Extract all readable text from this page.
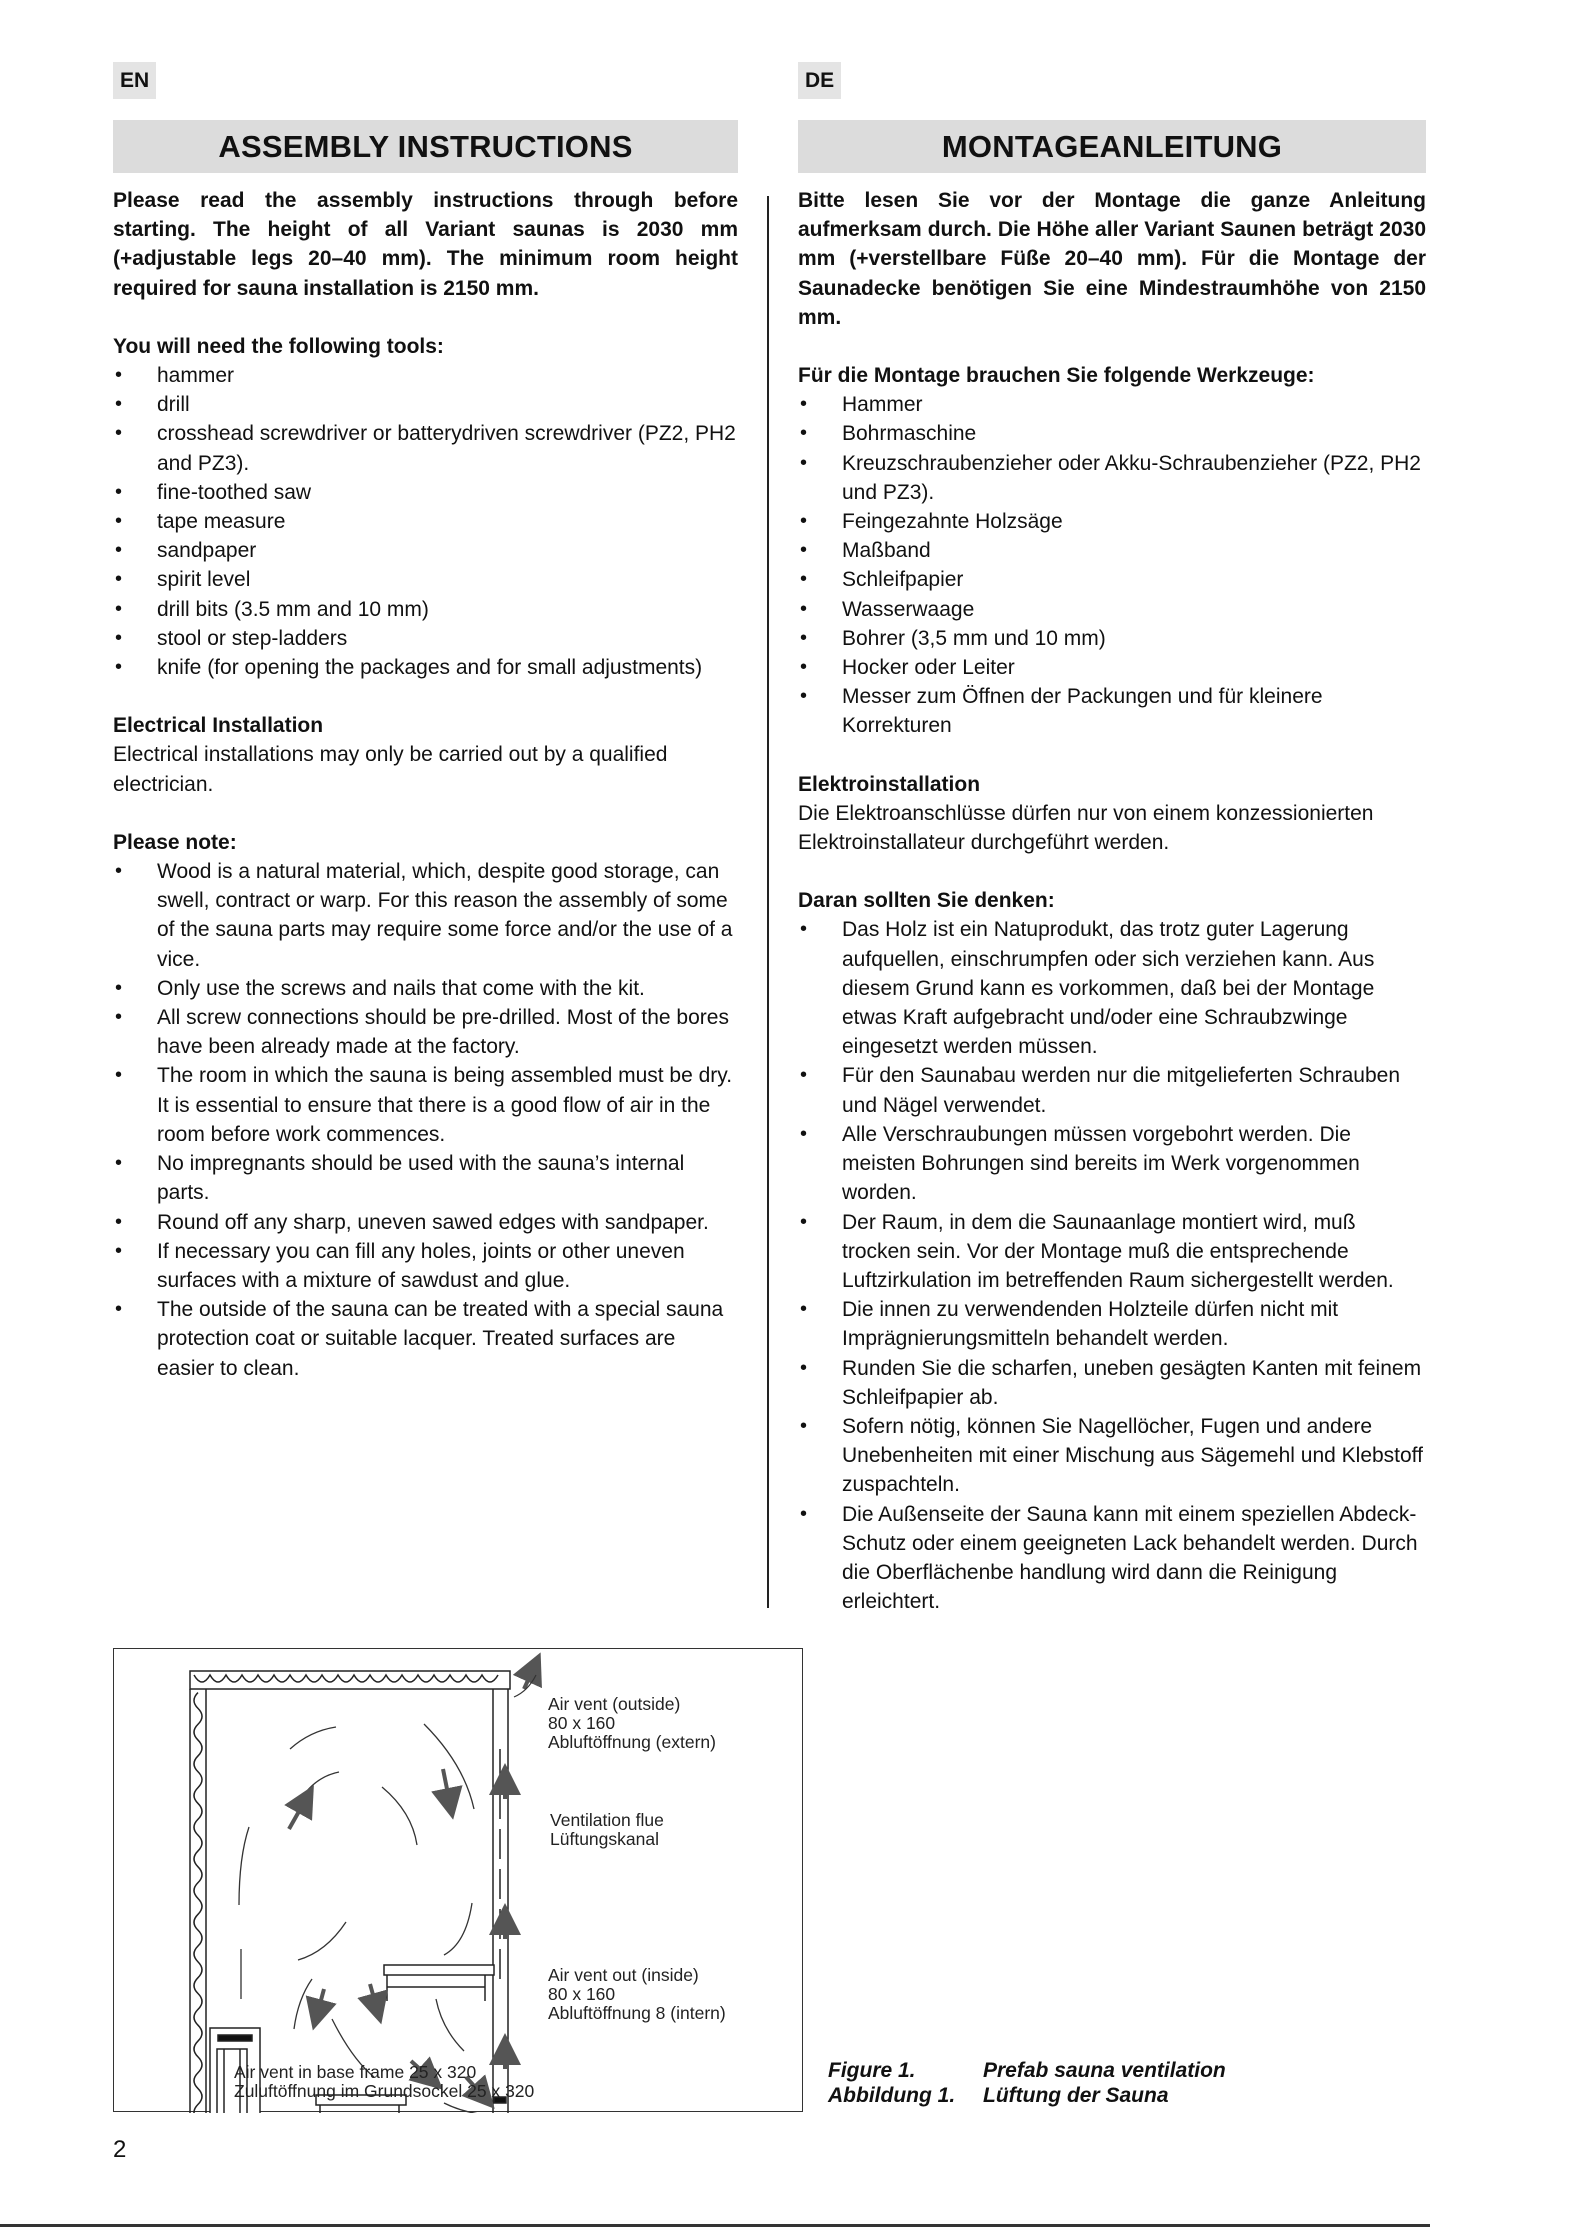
EN	DE
ASSEMBLY INSTRUCTIONS	MONTAGEANLEITUNG

Please read the assembly instructions through before starting. The height of all Variant saunas is 2030 mm (+adjustable legs 20–40 mm). The minimum room height required for sauna installation is 2150 mm.

You will need the following tools:

• hammer
• drill
• crosshead screwdriver or batterydriven screwdriver (PZ2, PH2 and PZ3).
• fine-toothed saw
• tape measure
• sandpaper
• spirit level
• drill bits (3.5 mm and 10 mm)
• stool or step-ladders
• knife (for opening the packages and for small adjustments)

Electrical Installation

Electrical installations may only be carried out by a qualified electrician.

Please note:

• Wood is a natural material, which, despite good storage, can swell, contract or warp. For this reason the assembly of some of the sauna parts may require some force and/or the use of a vice.
• Only use the screws and nails that come with the kit.
• All screw connections should be pre-drilled. Most of the bores have been already made at the factory.
• The room in which the sauna is being assembled must be dry. It is essential to ensure that there is a good flow of air in the room before work commences.
• No impregnants should be used with the sauna’s internal parts.
• Round off any sharp, uneven sawed edges with sandpaper.
• If necessary you can fill any holes, joints or other uneven surfaces with a mixture of sawdust and glue.
• The outside of the sauna can be treated with a special sauna protection coat or suitable lacquer. Treated surfaces are easier to clean.

Bitte lesen Sie vor der Montage die ganze Anleitung aufmerksam durch. Die Höhe aller Variant Saunen beträgt 2030 mm (+verstellbare Füße 20–40 mm). Für die Montage der Saunadecke benötigen Sie eine Mindestraumhöhe von 2150 mm.

Für die Montage brauchen Sie folgende Werkzeuge:

• Hammer
• Bohrmaschine
• Kreuzschraubenzieher oder Akku-Schraubenzieher (PZ2, PH2 und PZ3).
• Feingezahnte Holzsäge
• Maßband
• Schleifpapier
• Wasserwaage
• Bohrer (3,5 mm und 10 mm)
• Hocker oder Leiter
• Messer zum Öffnen der Packungen und für kleinere Korrekturen

Elektroinstallation

Die Elektroanschlüsse dürfen nur von einem konzessionierten Elektroinstallateur durchgeführt werden.

Daran sollten Sie denken:

• Das Holz ist ein Natuprodukt, das trotz guter Lagerung aufquellen, einschrumpfen oder sich verziehen kann. Aus diesem Grund kann es vorkommen, daß bei der Montage etwas Kraft aufgebracht und/oder eine Schraubzwinge eingesetzt werden müssen.
• Für den Saunabau werden nur die mitgelieferten Schrauben und Nägel verwendet.
• Alle Verschraubungen müssen vorgebohrt werden. Die meisten Bohrungen sind bereits im Werk vorgenommen worden.
• Der Raum, in dem die Saunaanlage montiert wird, muß trocken sein. Vor der Montage muß die entsprechende Luftzirkulation im betreffenden Raum sichergestellt werden.
• Die innen zu verwendenden Holzteile dürfen nicht mit Imprägnierungsmitteln behandelt werden.
• Runden Sie die scharfen, uneben gesägten Kanten mit feinem Schleifpapier ab.
• Sofern nötig, können Sie Nagellöcher, Fugen und andere Unebenheiten mit einer Mischung aus Sägemehl und Klebstoff zuspachteln.
• Die Außenseite der Sauna kann mit einem speziellen Abdeck-Schutz oder einem geeigneten Lack behandelt werden. Durch die Oberflächenbe handlung wird dann die Reinigung erleichtert.
Air vent (outside)
80 x 160
Abluftöffnung (extern)
Ventilation flue
Lüftungskanal
Air vent out (inside)
80 x 160
Abluftöffnung 8 (intern)
Air vent in base frame 25 x 320
Zuluftöffnung im Grundsockel 25 x 320
Figure 1.	Prefab sauna ventilation
Abbildung 1.	Lüftung der Sauna
2
